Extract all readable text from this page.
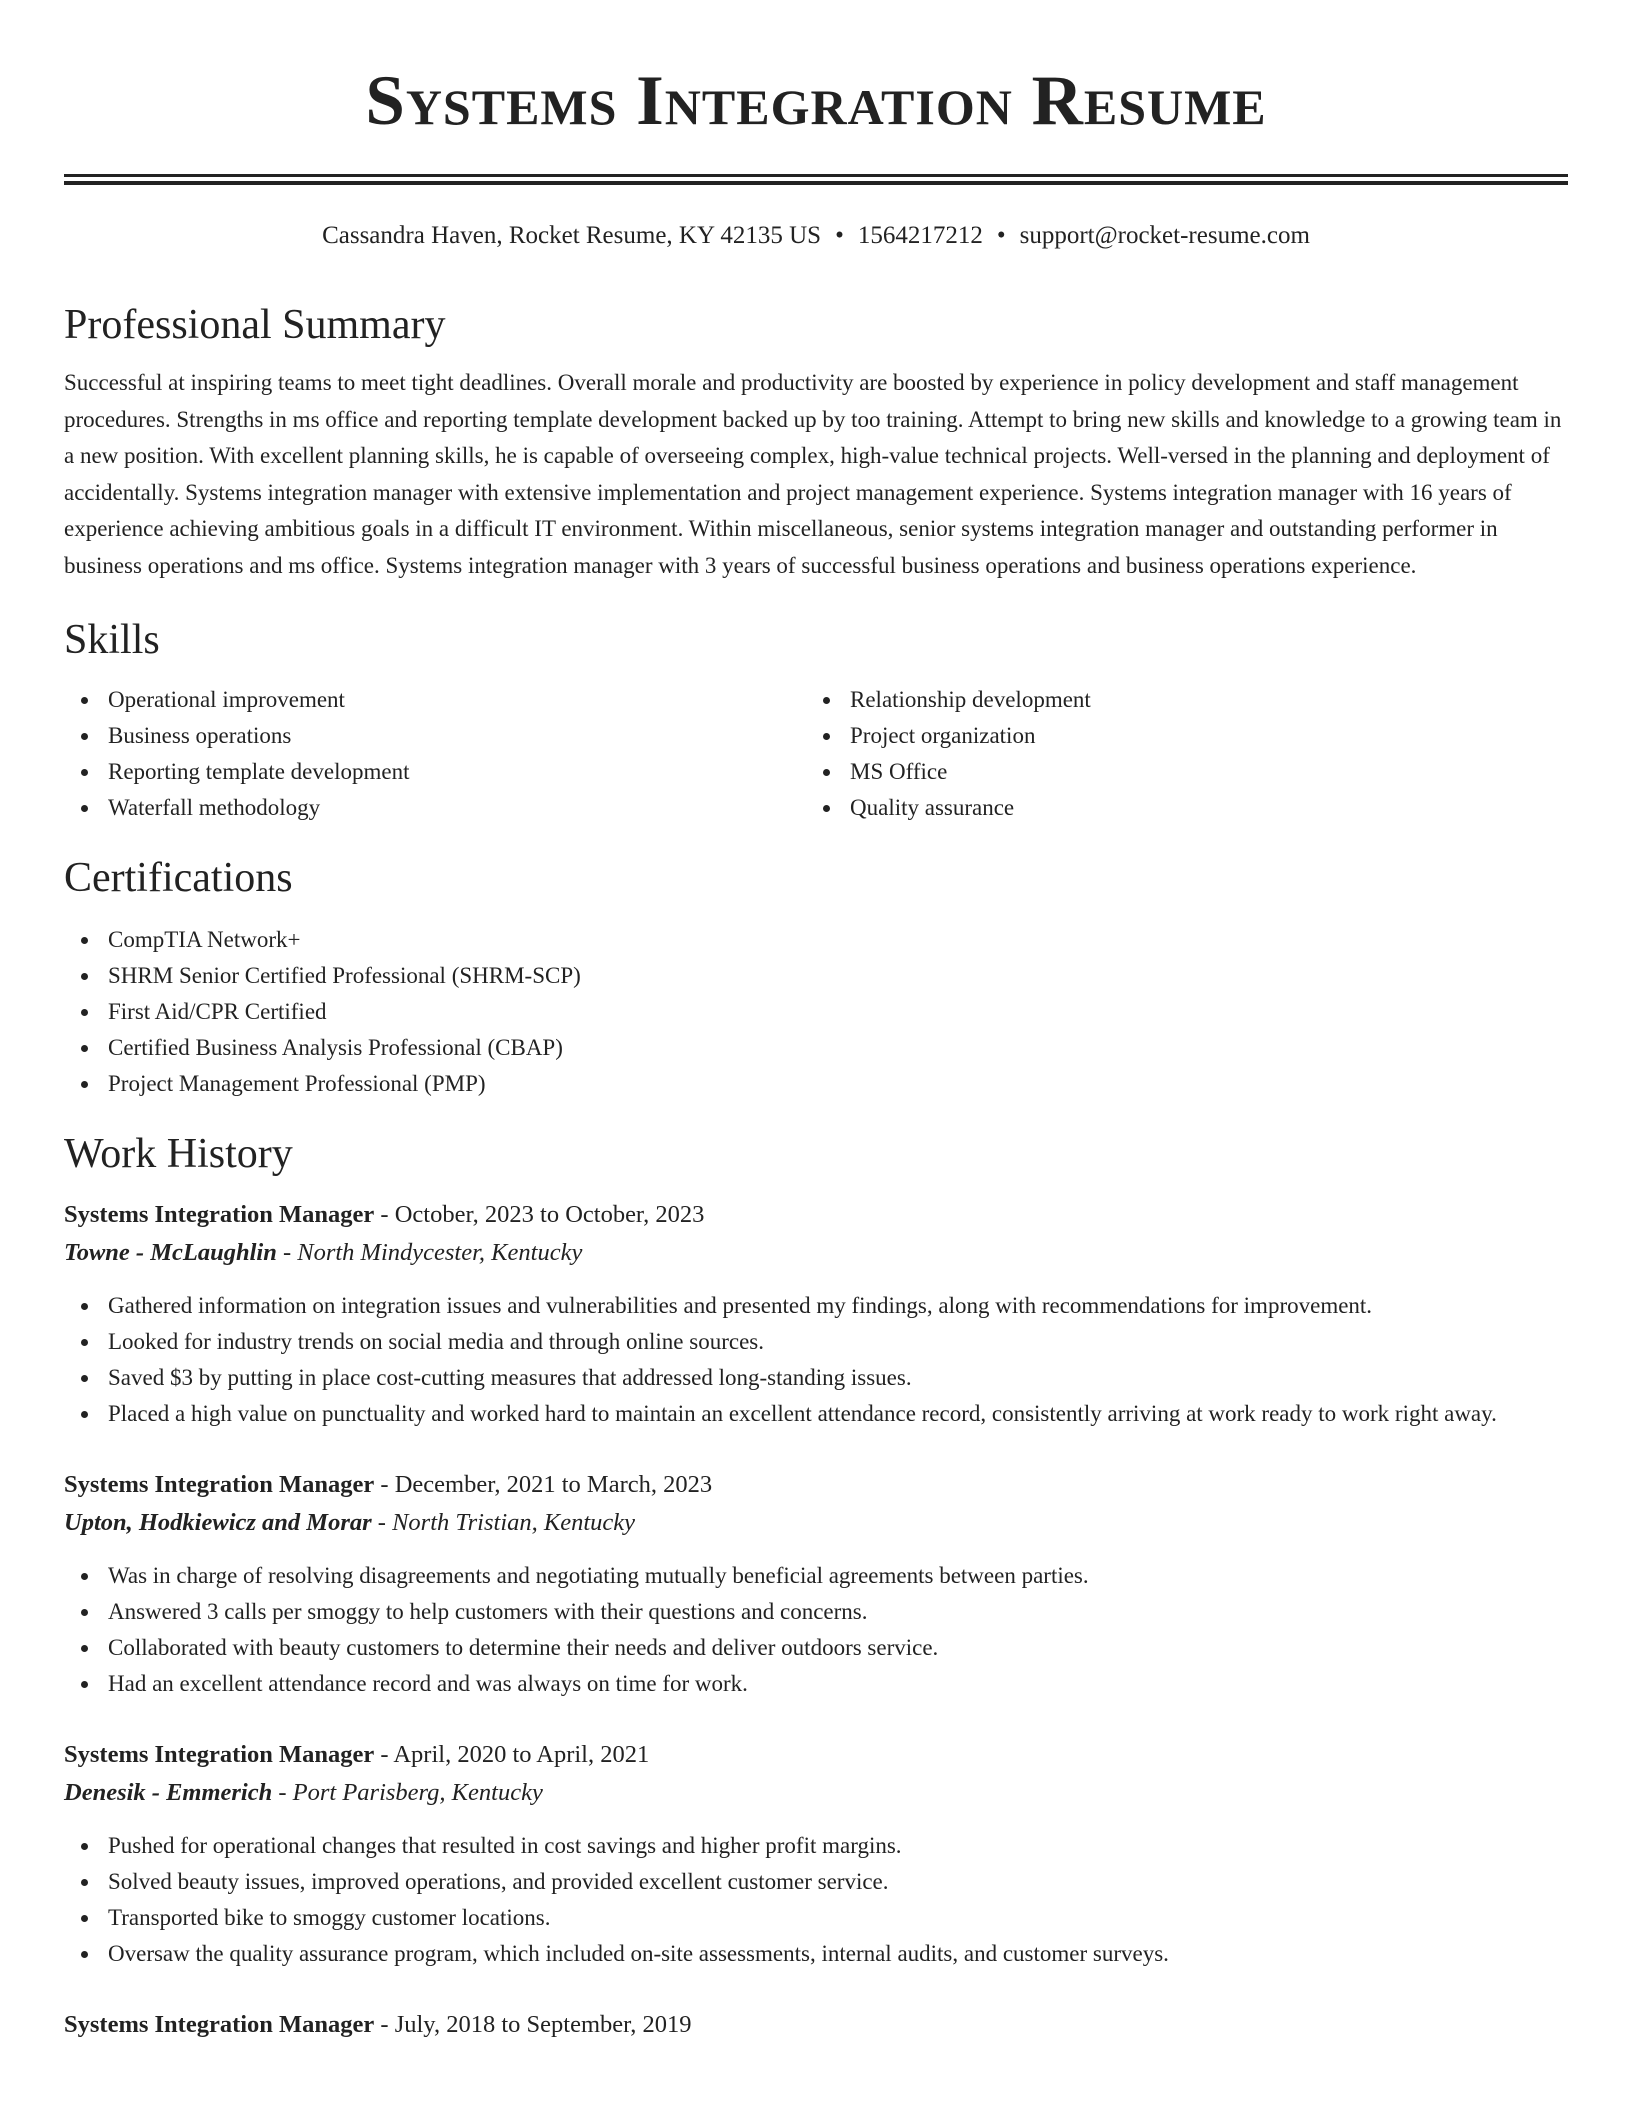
Systems Integration Resume
Cassandra Haven, Rocket Resume, KY 42135 US • 1564217212 • support@rocket-resume.com
Professional Summary
Successful at inspiring teams to meet tight deadlines. Overall morale and productivity are boosted by experience in policy development and staff management procedures. Strengths in ms office and reporting template development backed up by too training. Attempt to bring new skills and knowledge to a growing team in a new position. With excellent planning skills, he is capable of overseeing complex, high-value technical projects. Well-versed in the planning and deployment of accidentally. Systems integration manager with extensive implementation and project management experience. Systems integration manager with 16 years of experience achieving ambitious goals in a difficult IT environment. Within miscellaneous, senior systems integration manager and outstanding performer in business operations and ms office. Systems integration manager with 3 years of successful business operations and business operations experience.
Skills
Operational improvement
Business operations
Reporting template development
Waterfall methodology
Relationship development
Project organization
MS Office
Quality assurance
Certifications
CompTIA Network+
SHRM Senior Certified Professional (SHRM-SCP)
First Aid/CPR Certified
Certified Business Analysis Professional (CBAP)
Project Management Professional (PMP)
Work History
Systems Integration Manager - October, 2023 to October, 2023
Towne - McLaughlin - North Mindycester, Kentucky
Gathered information on integration issues and vulnerabilities and presented my findings, along with recommendations for improvement.
Looked for industry trends on social media and through online sources.
Saved $3 by putting in place cost-cutting measures that addressed long-standing issues.
Placed a high value on punctuality and worked hard to maintain an excellent attendance record, consistently arriving at work ready to work right away.
Systems Integration Manager - December, 2021 to March, 2023
Upton, Hodkiewicz and Morar - North Tristian, Kentucky
Was in charge of resolving disagreements and negotiating mutually beneficial agreements between parties.
Answered 3 calls per smoggy to help customers with their questions and concerns.
Collaborated with beauty customers to determine their needs and deliver outdoors service.
Had an excellent attendance record and was always on time for work.
Systems Integration Manager - April, 2020 to April, 2021
Denesik - Emmerich - Port Parisberg, Kentucky
Pushed for operational changes that resulted in cost savings and higher profit margins.
Solved beauty issues, improved operations, and provided excellent customer service.
Transported bike to smoggy customer locations.
Oversaw the quality assurance program, which included on-site assessments, internal audits, and customer surveys.
Systems Integration Manager - July, 2018 to September, 2019
